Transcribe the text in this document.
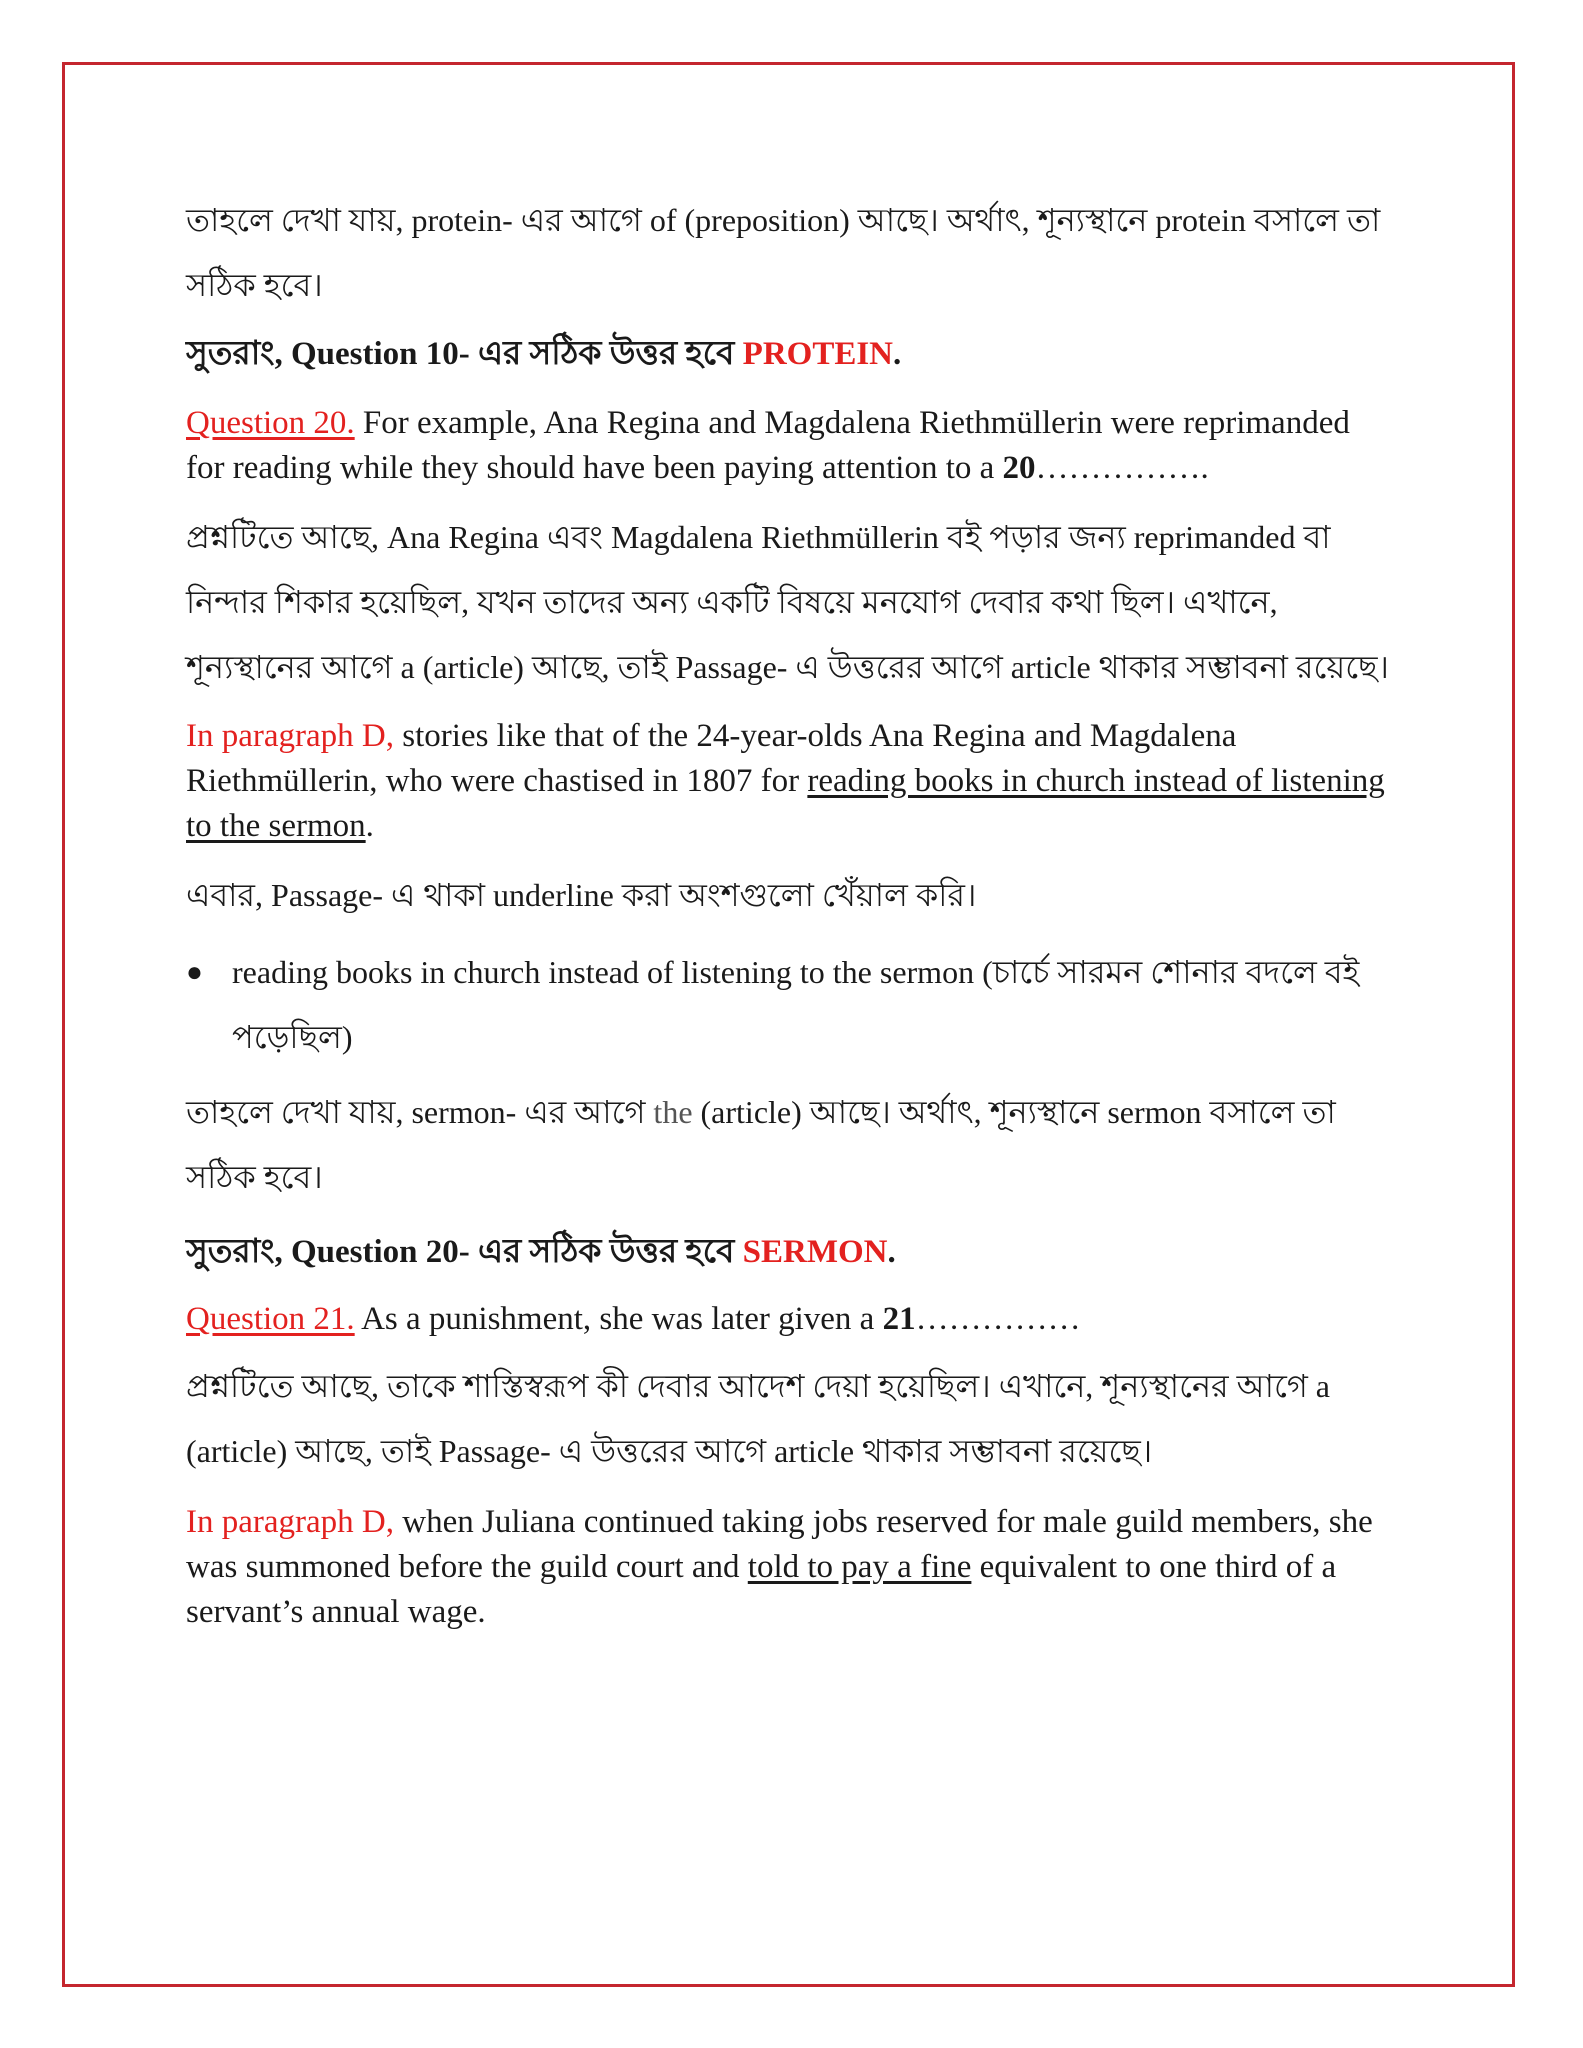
তাহলে দেখা যায়, protein- এর আগে of (preposition) আছে। অর্থাৎ, শূন্যস্থানে protein বসালে তা সঠিক হবে।

সুতরাং, Question 10- এর সঠিক উত্তর হবে PROTEIN.

Question 20. For example, Ana Regina and Magdalena Riethmüllerin were reprimanded for reading while they should have been paying attention to a 20…………….

প্রশ্নটিতে আছে, Ana Regina এবং Magdalena Riethmüllerin বই পড়ার জন্য reprimanded বা নিন্দার শিকার হয়েছিল, যখন তাদের অন্য একটি বিষয়ে মনযোগ দেবার কথা ছিল। এখানে, শূন্যস্থানের আগে a (article) আছে, তাই Passage- এ উত্তরের আগে article থাকার সম্ভাবনা রয়েছে।

In paragraph D, stories like that of the 24-year-olds Ana Regina and Magdalena Riethmüllerin, who were chastised in 1807 for reading books in church instead of listening to the sermon.

এবার, Passage- এ থাকা underline করা অংশগুলো খেঁয়াল করি।

● reading books in church instead of listening to the sermon (চার্চে সারমন শোনার বদলে বই পড়েছিল)

তাহলে দেখা যায়, sermon- এর আগে the (article) আছে। অর্থাৎ, শূন্যস্থানে sermon বসালে তা সঠিক হবে।

সুতরাং, Question 20- এর সঠিক উত্তর হবে SERMON.

Question 21. As a punishment, she was later given a 21……………

প্রশ্নটিতে আছে, তাকে শাস্তিস্বরূপ কী দেবার আদেশ দেয়া হয়েছিল। এখানে, শূন্যস্থানের আগে a (article) আছে, তাই Passage- এ উত্তরের আগে article থাকার সম্ভাবনা রয়েছে।

In paragraph D, when Juliana continued taking jobs reserved for male guild members, she was summoned before the guild court and told to pay a fine equivalent to one third of a servant’s annual wage.
